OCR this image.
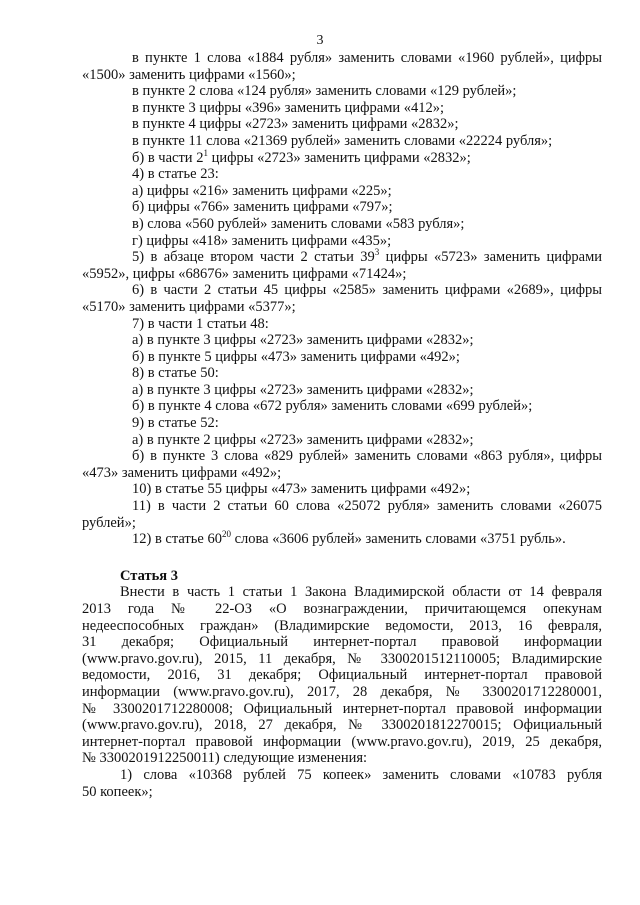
3
в пункте 1 слова «1884 рубля» заменить словами «1960 рублей», цифры
«1500» заменить цифрами «1560»;
в пункте 2 слова «124 рубля» заменить словами «129 рублей»;
в пункте 3 цифры «396» заменить цифрами «412»;
в пункте 4 цифры «2723» заменить цифрами «2832»;
в пункте 11 слова «21369 рублей» заменить словами «22224 рубля»;
б) в части $2^1$ цифры «2723» заменить цифрами «2832»;
4) в статье 23:
а) цифры «216» заменить цифрами «225»;
б) цифры «766» заменить цифрами «797»;
в) слова «560 рублей» заменить словами «583 рубля»;
г) цифры «418» заменить цифрами «435»;
5) в абзаце втором части 2 статьи $39^3$ цифры «5723» заменить цифрами
«5952», цифры «68676» заменить цифрами «71424»;
6) в части 2 статьи 45 цифры «2585» заменить цифрами «2689», цифры
«5170» заменить цифрами «5377»;
7) в части 1 статьи 48:
а) в пункте 3 цифры «2723» заменить цифрами «2832»;
б) в пункте 5 цифры «473» заменить цифрами «492»;
8) в статье 50:
а) в пункте 3 цифры «2723» заменить цифрами «2832»;
б) в пункте 4 слова «672 рубля» заменить словами «699 рублей»;
9) в статье 52:
а) в пункте 2 цифры «2723» заменить цифрами «2832»;
б) в пункте 3 слова «829 рублей» заменить словами «863 рубля», цифры
«473» заменить цифрами «492»;
10) в статье 55 цифры «473» заменить цифрами «492»;
11) в части 2 статьи 60 слова «25072 рубля» заменить словами «26075
рублей»;
12) в статье $60^{20}$ слова «3606 рублей» заменить словами «3751 рубль».
Статья 3
Внести в часть 1 статьи 1 Закона Владимирской области от 14 февраля
2013 года № 22-ОЗ «О вознаграждении, причитающемся опекунам
недееспособных граждан» (Владимирские ведомости, 2013, 16 февраля,
31 декабря; Официальный интернет-портал правовой информации
(www.pravo.gov.ru), 2015, 11 декабря, № 3300201512110005; Владимирские
ведомости, 2016, 31 декабря; Официальный интернет-портал правовой
информации (www.pravo.gov.ru), 2017, 28 декабря, № 3300201712280001,
№ 3300201712280008; Официальный интернет-портал правовой информации
(www.pravo.gov.ru), 2018, 27 декабря, № 3300201812270015; Официальный
интернет-портал правовой информации (www.pravo.gov.ru), 2019, 25 декабря,
№ 3300201912250011) следующие изменения:
1) слова «10368 рублей 75 копеек» заменить словами «10783 рубля
50 копеек»;
